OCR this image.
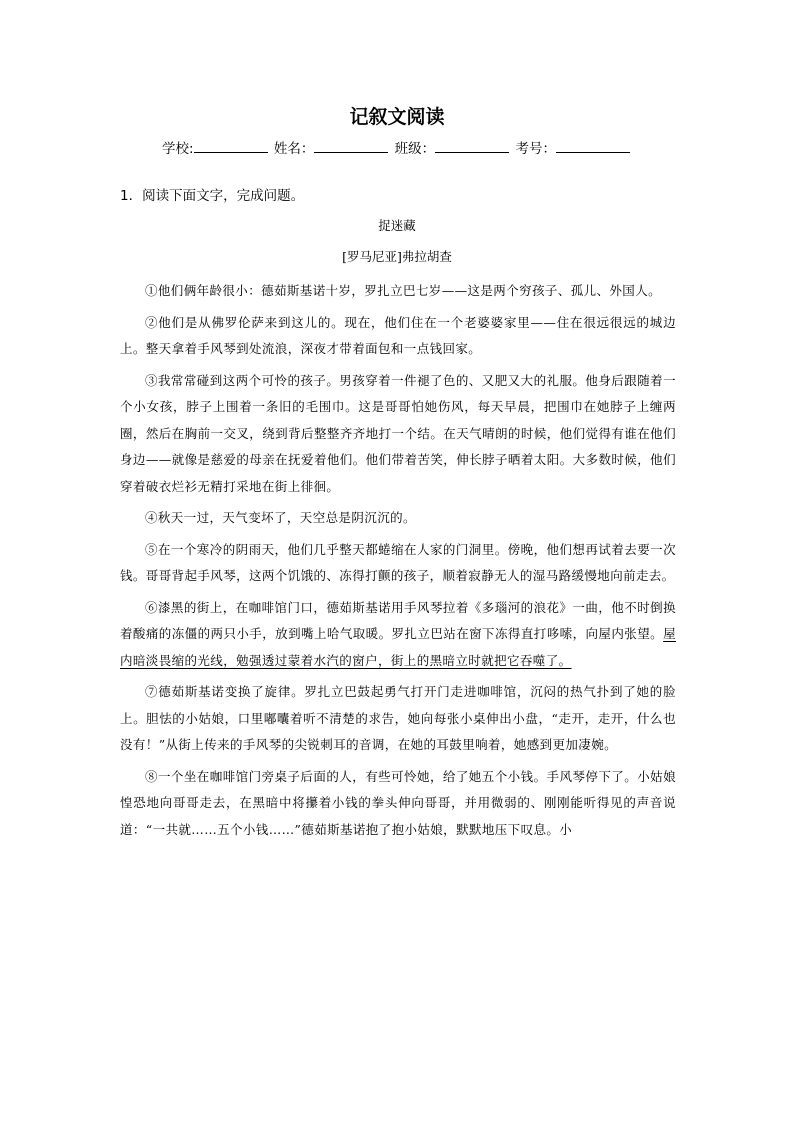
记叙文阅读
学校:	姓名：	班级：	考号：
1．阅读下面文字，完成问题。
捉迷藏
[罗马尼亚]弗拉胡查

①他们俩年龄很小：德茹斯基诺十岁，罗扎立巴七岁——这是两个穷孩子、孤儿、外国人。

②他们是从佛罗伦萨来到这儿的。现在，他们住在一个老婆婆家里——住在很远很远的城边上。整天拿着手风琴到处流浪，深夜才带着面包和一点钱回家。

③我常常碰到这两个可怜的孩子。男孩穿着一件褪了色的、又肥又大的礼服。他身后跟随着一个小女孩，脖子上围着一条旧的毛围巾。这是哥哥怕她伤风，每天早晨，把围巾在她脖子上缠两圈，然后在胸前一交叉，绕到背后整整齐齐地打一个结。在天气晴朗的时候，他们觉得有谁在他们身边——就像是慈爱的母亲在抚爱着他们。他们带着苦笑，伸长脖子晒着太阳。大多数时候，他们穿着破衣烂衫无精打采地在街上徘徊。

④秋天一过，天气变坏了，天空总是阴沉沉的。

⑤在一个寒冷的阴雨天，他们几乎整天都蜷缩在人家的门洞里。傍晚，他们想再试着去要一次钱。哥哥背起手风琴，这两个饥饿的、冻得打颤的孩子，顺着寂静无人的湿马路缓慢地向前走去。

⑥漆黑的街上，在咖啡馆门口，德茹斯基诺用手风琴拉着《多瑙河的浪花》一曲，他不时倒换着酸痛的冻僵的两只小手，放到嘴上哈气取暖。罗扎立巴站在窗下冻得直打哆嗦，向屋内张望。屋内暗淡畏缩的光线，勉强透过蒙着水汽的窗户，街上的黑暗立时就把它吞噬了。

⑦德茹斯基诺变换了旋律。罗扎立巴鼓起勇气打开门走进咖啡馆，沉闷的热气扑到了她的脸上。胆怯的小姑娘，口里嘟囔着听不清楚的求告，她向每张小桌伸出小盘，“走开，走开，什么也没有！”从街上传来的手风琴的尖锐刺耳的音调，在她的耳鼓里响着，她感到更加凄婉。

⑧一个坐在咖啡馆门旁桌子后面的人，有些可怜她，给了她五个小钱。手风琴停下了。小姑娘惶恐地向哥哥走去，在黑暗中将攥着小钱的拳头伸向哥哥，并用微弱的、刚刚能听得见的声音说道：“一共就……五个小钱……”德茹斯基诺抱了抱小姑娘，默默地压下叹息。小
